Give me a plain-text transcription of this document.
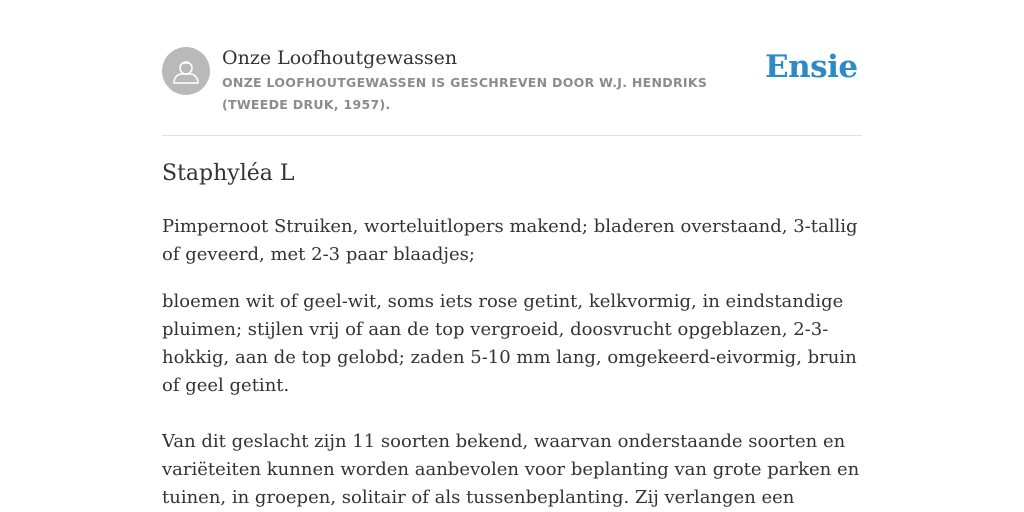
Onze Loofhoutgewassen
ONZE LOOFHOUTGEWASSEN IS GESCHREVEN DOOR W.J. HENDRIKS (TWEEDE DRUK, 1957).
Ensie
Staphyléa L

Pimpernoot Struiken, worteluitlopers makend; bladeren overstaand, 3-tallig of geveerd, met 2-3 paar blaadjes;

bloemen wit of geel-wit, soms iets rose getint, kelkvormig, in eindstandige pluimen; stijlen vrij of aan de top vergroeid, doosvrucht opgeblazen, 2-3-hokkig, aan de top gelobd; zaden 5-10 mm lang, omgekeerd-eivormig, bruin of geel getint.

Van dit geslacht zijn 11 soorten bekend, waarvan onderstaande soorten en variëteiten kunnen worden aanbevolen voor beplanting van grote parken en tuinen, in groepen, solitair of als tussenbeplanting. Zij verlangen een
